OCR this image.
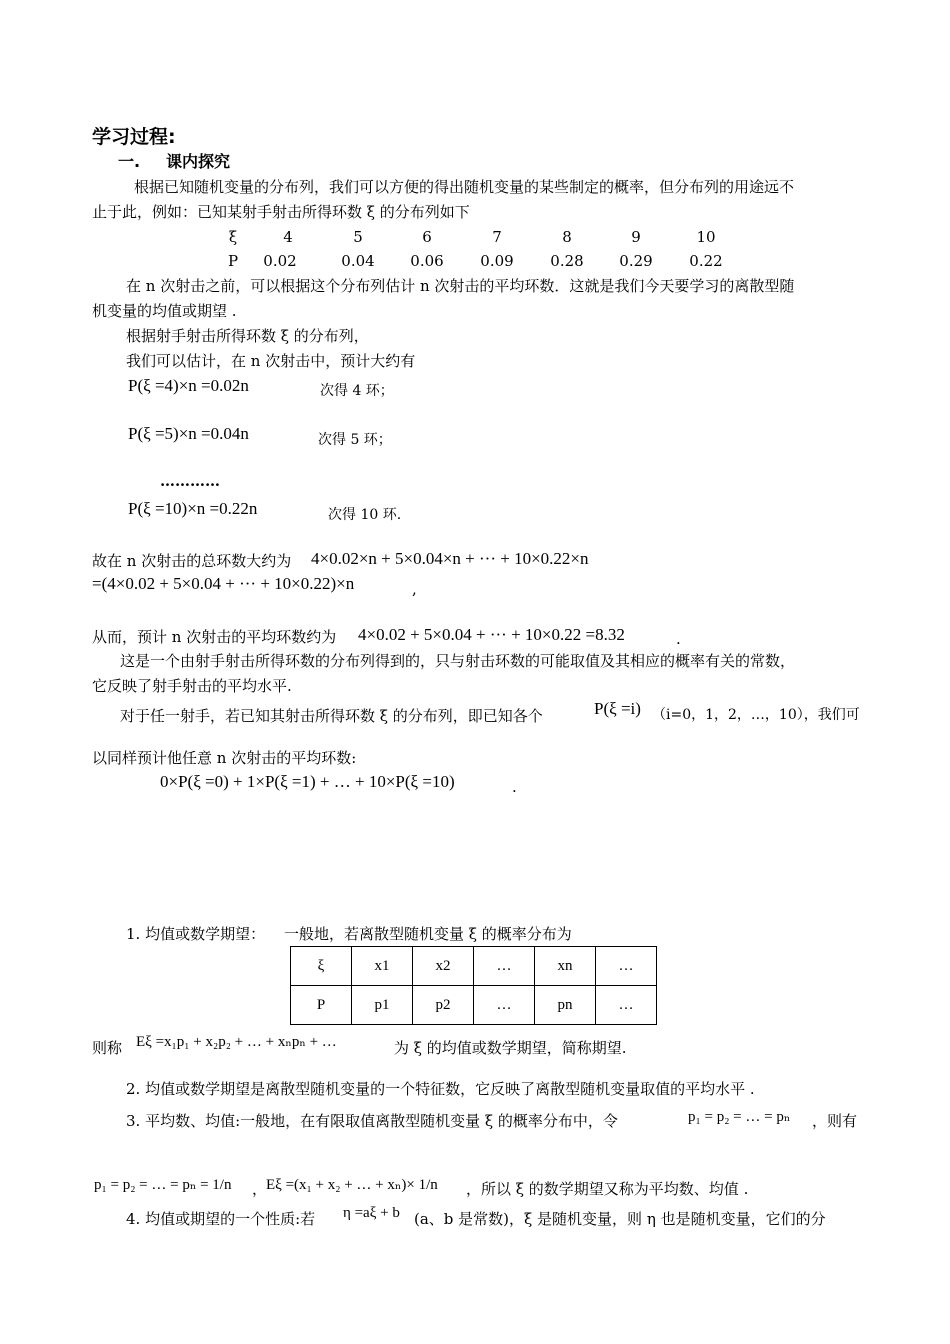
学习过程:
一. 课内探究
根据已知随机变量的分布列，我们可以方便的得出随机变量的某些制定的概率，但分布列的用途远不
止于此，例如：已知某射手射击所得环数 ξ 的分布列如下
ξ	4	5	6	7	8	9	10
P	0.02	0.04	0.06	0.09	0.28	0.29	0.22
在 n 次射击之前，可以根据这个分布列估计 n 次射击的平均环数．这就是我们今天要学习的离散型随
机变量的均值或期望 .
根据射手射击所得环数 ξ 的分布列，
我们可以估计，在 n 次射击中，预计大约有
P(ξ =4)×n =0.02n	次得 4 环；
P(ξ =5)×n =0.04n	次得 5 环；
…………
P(ξ =10)×n =0.22n	次得 10 环.
故在 n 次射击的总环数大约为 4×0.02×n + 5×0.04×n + ··· + 10×0.22×n
=(4×0.02 + 5×0.04 + ··· + 10×0.22)×n	,
从而，预计 n 次射击的平均环数约为 4×0.02 + 5×0.04 + ··· + 10×0.22 =8.32	.
这是一个由射手射击所得环数的分布列得到的，只与射击环数的可能取值及其相应的概率有关的常数，
它反映了射手射击的平均水平.
对于任一射手，若已知其射击所得环数 ξ 的分布列，即已知各个	P(ξ =i) （i=0，1，2，…，10），我们可
以同样预计他任意 n 次射击的平均环数:
0×P(ξ =0) + 1×P(ξ =1) + … + 10×P(ξ =10)	.
1. 均值或数学期望： 一般地，若离散型随机变量 ξ 的概率分布为
ξ	x1	x2	…	xn	…
P	p1	p2	…	pn	…
则称 Eξ =x₁p₁ + x₂p₂ + … + xₙpₙ + …	为 ξ 的均值或数学期望，简称期望.
2. 均值或数学期望是离散型随机变量的一个特征数，它反映了离散型随机变量取值的平均水平 .
3. 平均数、均值:一般地，在有限取值离散型随机变量 ξ 的概率分布中，令	p₁ = p₂ = … = pₙ ，则有
p₁ = p₂ = … = pₙ = 1/n ，
Eξ =(x₁ + x₂ + … + xₙ)× 1/n ，所以 ξ 的数学期望又称为平均数、均值 .
4. 均值或期望的一个性质:若 η =aξ + b (a、b 是常数)，ξ 是随机变量，则 η 也是随机变量，它们的分
